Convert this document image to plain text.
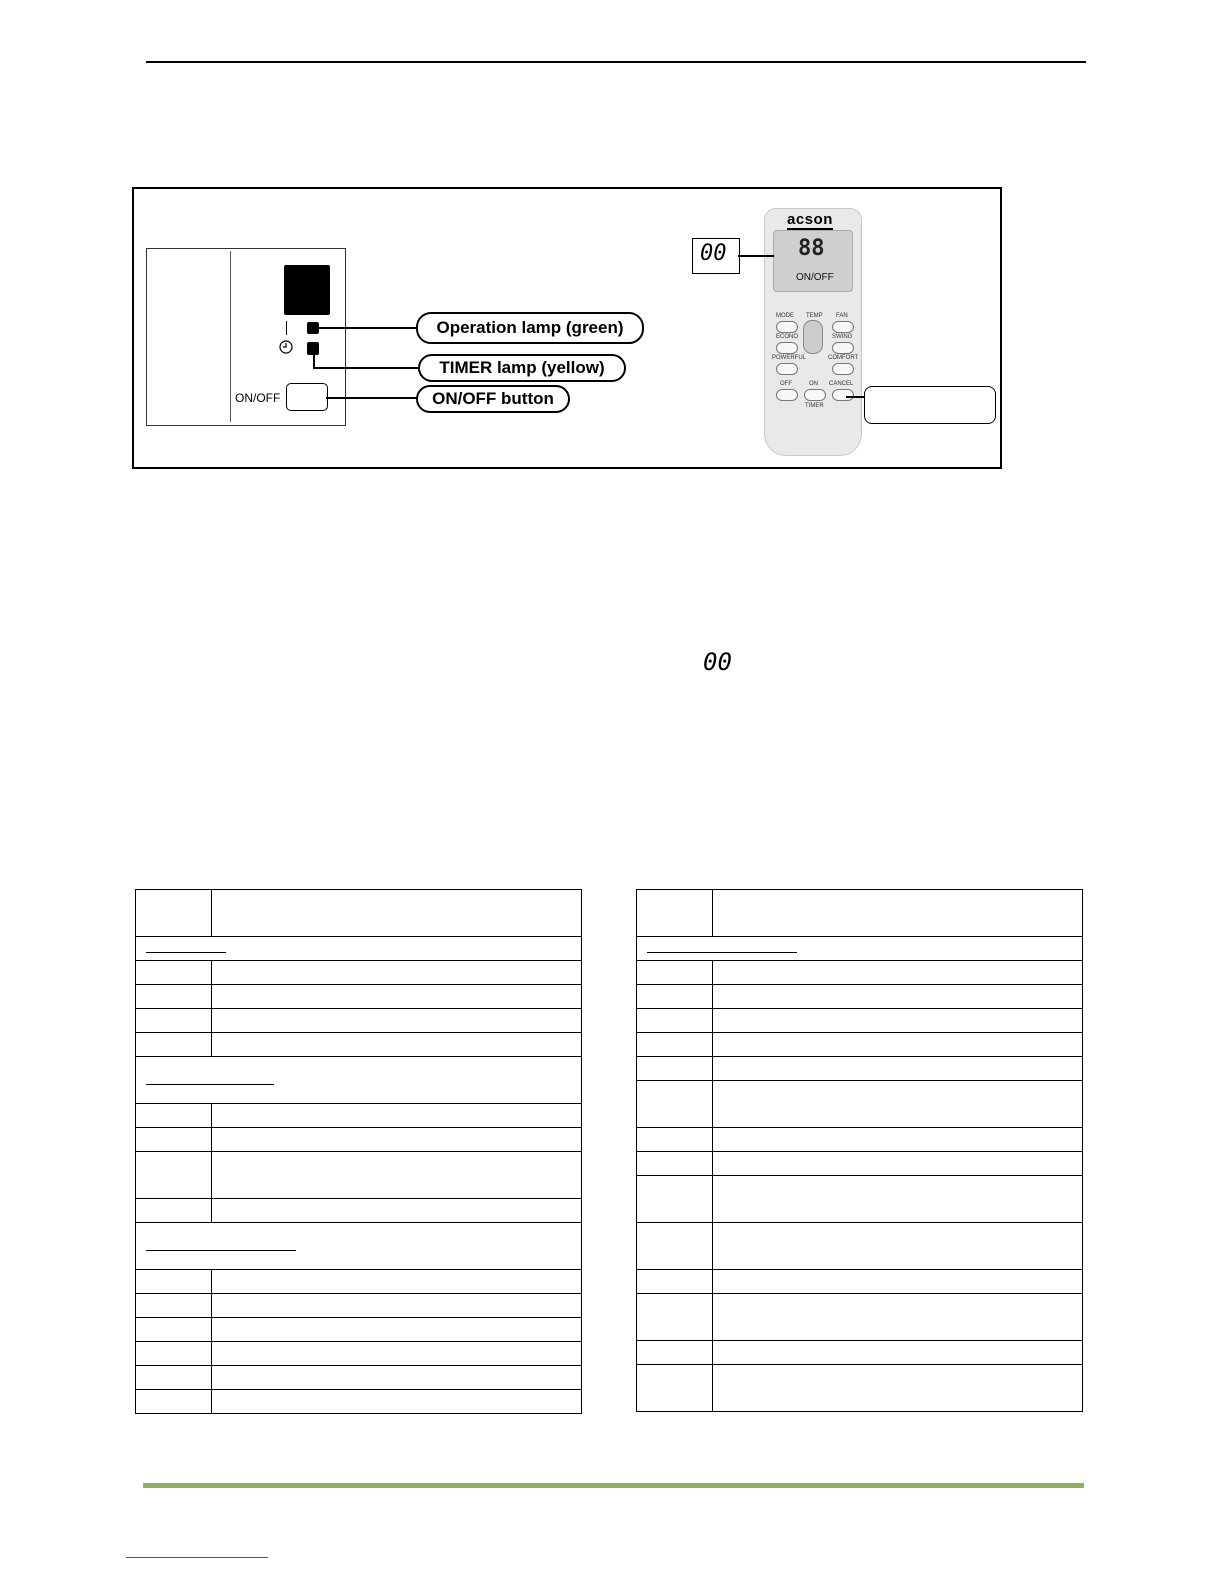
ON/OFF
Operation lamp (green)
TIMER lamp (yellow)
ON/OFF button
acson
88
ON/OFF
MODE TEMP FAN
ECONO	SWING
POWERFUL	COMFORT
OFF	ON CANCEL
TIMER
00
00
